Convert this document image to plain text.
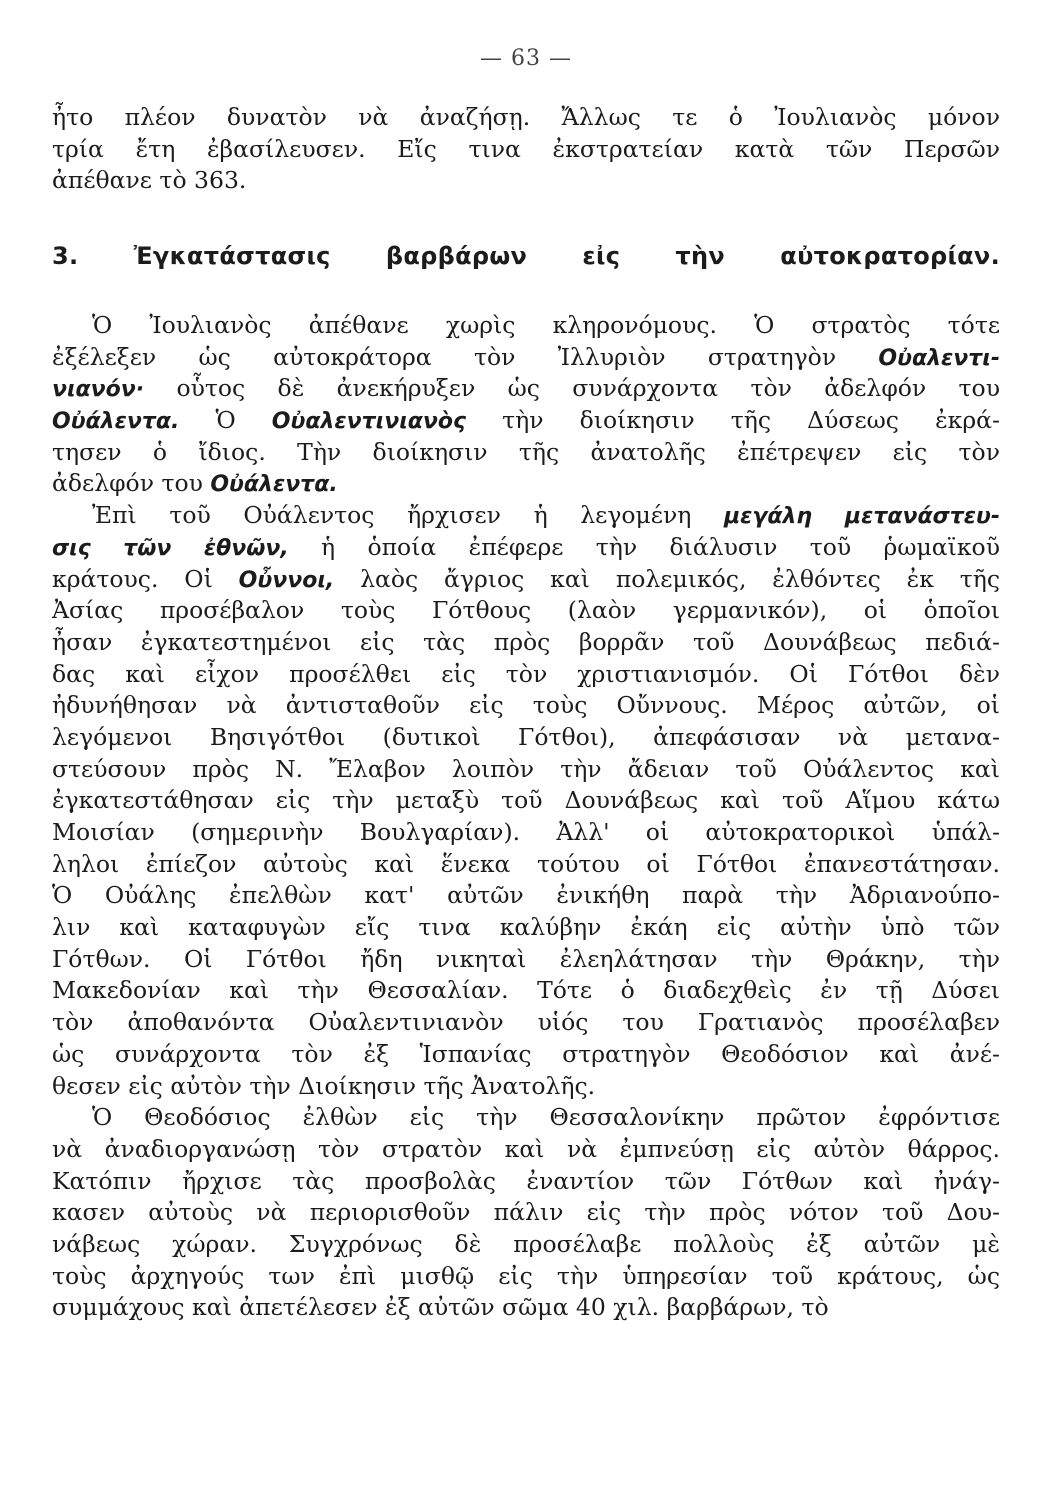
— 63 —
ἦτο πλέον δυνατὸν νὰ ἀναζήσῃ. Ἄλλως τε ὁ Ἰουλιανὸς μόνον
τρία ἔτη ἐβασίλευσεν. Εἴς τινα ἐκστρατείαν κατὰ τῶν Περσῶν
ἀπέθανε τὸ 363.
3. Ἐγκατάστασις βαρβάρων εἰς τὴν αὐτοκρατορίαν.
Ὁ Ἰουλιανὸς ἀπέθανε χωρὶς κληρονόμους. Ὁ στρατὸς τότε
ἐξέλεξεν ὡς αὐτοκράτορα τὸν Ἰλλυριὸν στρατηγὸν Οὐαλεντι-
νιανόν· οὗτος δὲ ἀνεκήρυξεν ὡς συνάρχοντα τὸν ἀδελφόν του
Οὐάλεντα. Ὁ Οὐαλεντινιανὸς τὴν διοίκησιν τῆς Δύσεως ἐκρά-
τησεν ὁ ἴδιος. Τὴν διοίκησιν τῆς ἀνατολῆς ἐπέτρεψεν εἰς τὸν
ἀδελφόν του Οὐάλεντα.
Ἐπὶ τοῦ Οὐάλεντος ἤρχισεν ἡ λεγομένη μεγάλη μετανάστευ-
σις τῶν ἐθνῶν, ἡ ὁποία ἐπέφερε τὴν διάλυσιν τοῦ ῥωμαϊκοῦ
κράτους. Οἱ Οὖννοι, λαὸς ἄγριος καὶ πολεμικός, ἐλθόντες ἐκ τῆς
Ἀσίας προσέβαλον τοὺς Γότθους (λαὸν γερμανικόν), οἱ ὁποῖοι
ἦσαν ἐγκατεστημένοι εἰς τὰς πρὸς βορρᾶν τοῦ Δουνάβεως πεδιά-
δας καὶ εἶχον προσέλθει εἰς τὸν χριστιανισμόν. Οἱ Γότθοι δὲν
ἠδυνήθησαν νὰ ἀντισταθοῦν εἰς τοὺς Οὔννους. Μέρος αὐτῶν, οἱ
λεγόμενοι Βησιγότθοι (δυτικοὶ Γότθοι), ἀπεφάσισαν νὰ μετανα-
στεύσουν πρὸς Ν. Ἔλαβον λοιπὸν τὴν ἄδειαν τοῦ Οὐάλεντος καὶ
ἐγκατεστάθησαν εἰς τὴν μεταξὺ τοῦ Δουνάβεως καὶ τοῦ Αἵμου κάτω
Μοισίαν (σημερινὴν Βουλγαρίαν). Ἀλλ' οἱ αὐτοκρατορικοὶ ὑπάλ-
ληλοι ἐπίεζον αὐτοὺς καὶ ἕνεκα τούτου οἱ Γότθοι ἐπανεστάτησαν.
Ὁ Οὐάλης ἐπελθὼν κατ' αὐτῶν ἐνικήθη παρὰ τὴν Ἀδριανούπο-
λιν καὶ καταφυγὼν εἴς τινα καλύβην ἐκάη εἰς αὐτὴν ὑπὸ τῶν
Γότθων. Οἱ Γότθοι ἤδη νικηταὶ ἐλεηλάτησαν τὴν Θράκην, τὴν
Μακεδονίαν καὶ τὴν Θεσσαλίαν. Τότε ὁ διαδεχθεὶς ἐν τῇ Δύσει
τὸν ἀποθανόντα Οὐαλεντινιανὸν υἱός του Γρατιανὸς προσέλαβεν
ὡς συνάρχοντα τὸν ἐξ Ἱσπανίας στρατηγὸν Θεοδόσιον καὶ ἀνέ-
θεσεν εἰς αὐτὸν τὴν Διοίκησιν τῆς Ἀνατολῆς.
Ὁ Θεοδόσιος ἐλθὼν εἰς τὴν Θεσσαλονίκην πρῶτον ἐφρόντισε
νὰ ἀναδιοργανώσῃ τὸν στρατὸν καὶ νὰ ἐμπνεύσῃ εἰς αὐτὸν θάρρος.
Κατόπιν ἤρχισε τὰς προσβολὰς ἐναντίον τῶν Γότθων καὶ ἠνάγ-
κασεν αὐτοὺς νὰ περιορισθοῦν πάλιν εἰς τὴν πρὸς νότον τοῦ Δου-
νάβεως χώραν. Συγχρόνως δὲ προσέλαβε πολλοὺς ἐξ αὐτῶν μὲ
τοὺς ἀρχηγούς των ἐπὶ μισθῷ εἰς τὴν ὑπηρεσίαν τοῦ κράτους, ὡς
συμμάχους καὶ ἀπετέλεσεν ἐξ αὐτῶν σῶμα 40 χιλ. βαρβάρων, τὸ
